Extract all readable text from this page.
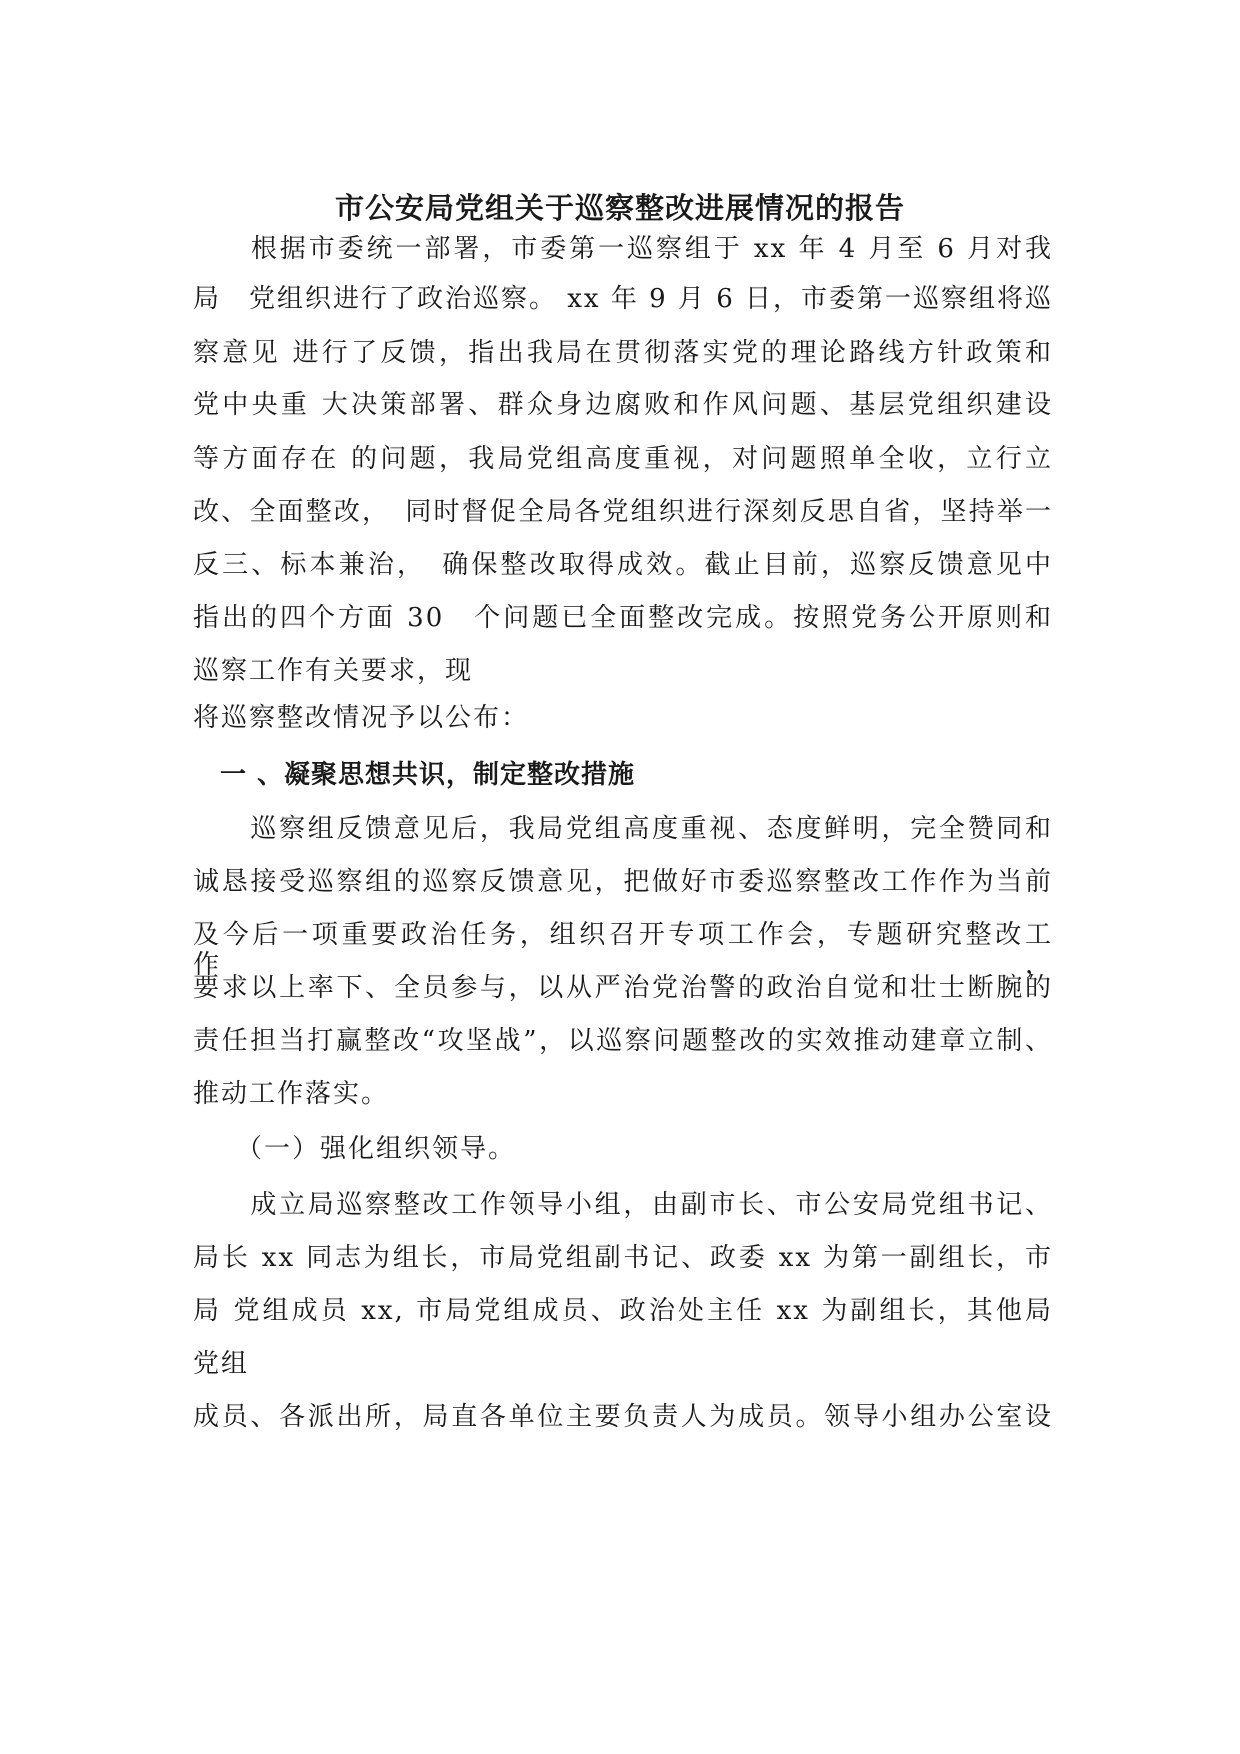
市公安局党组关于巡察整改进展情况的报告
　　根据市委统一部署，市委第一巡察组于 xx 年 4 月至 6 月对我
局　党组织进行了政治巡察。 xx 年 9 月 6 日，市委第一巡察组将巡
察意见 进行了反馈，指出我局在贯彻落实党的理论路线方针政策和
党中央重 大决策部署、群众身边腐败和作风问题、基层党组织建设
等方面存在 的问题，我局党组高度重视，对问题照单全收，立行立
改、全面整改，　同时督促全局各党组织进行深刻反思自省，坚持举一
反三、标本兼治，　确保整改取得成效。截止目前，巡察反馈意见中
指出的四个方面 30　个问题已全面整改完成。按照党务公开原则和
巡察工作有关要求，现
将巡察整改情况予以公布：
　一 、凝聚思想共识，制定整改措施
　　巡察组反馈意见后，我局党组高度重视、态度鲜明，完全赞同和
诚恳接受巡察组的巡察反馈意见，把做好市委巡察整改工作作为当前
及今后一项重要政治任务，组织召开专项工作会，专题研究整改工作，
要求以上率下、全员参与，以从严治党治警的政治自觉和壮士断腕的
责任担当打赢整改“攻坚战”，以巡察问题整改的实效推动建章立制、
推动工作落实。
　　（一）强化组织领导。
　　成立局巡察整改工作领导小组，由副市长、市公安局党组书记、
局长 xx 同志为组长，市局党组副书记、政委 xx 为第一副组长，市
局 党组成员 xx, 市局党组成员、政治处主任 xx 为副组长，其他局
党组
成员、各派出所，局直各单位主要负责人为成员。领导小组办公室设
